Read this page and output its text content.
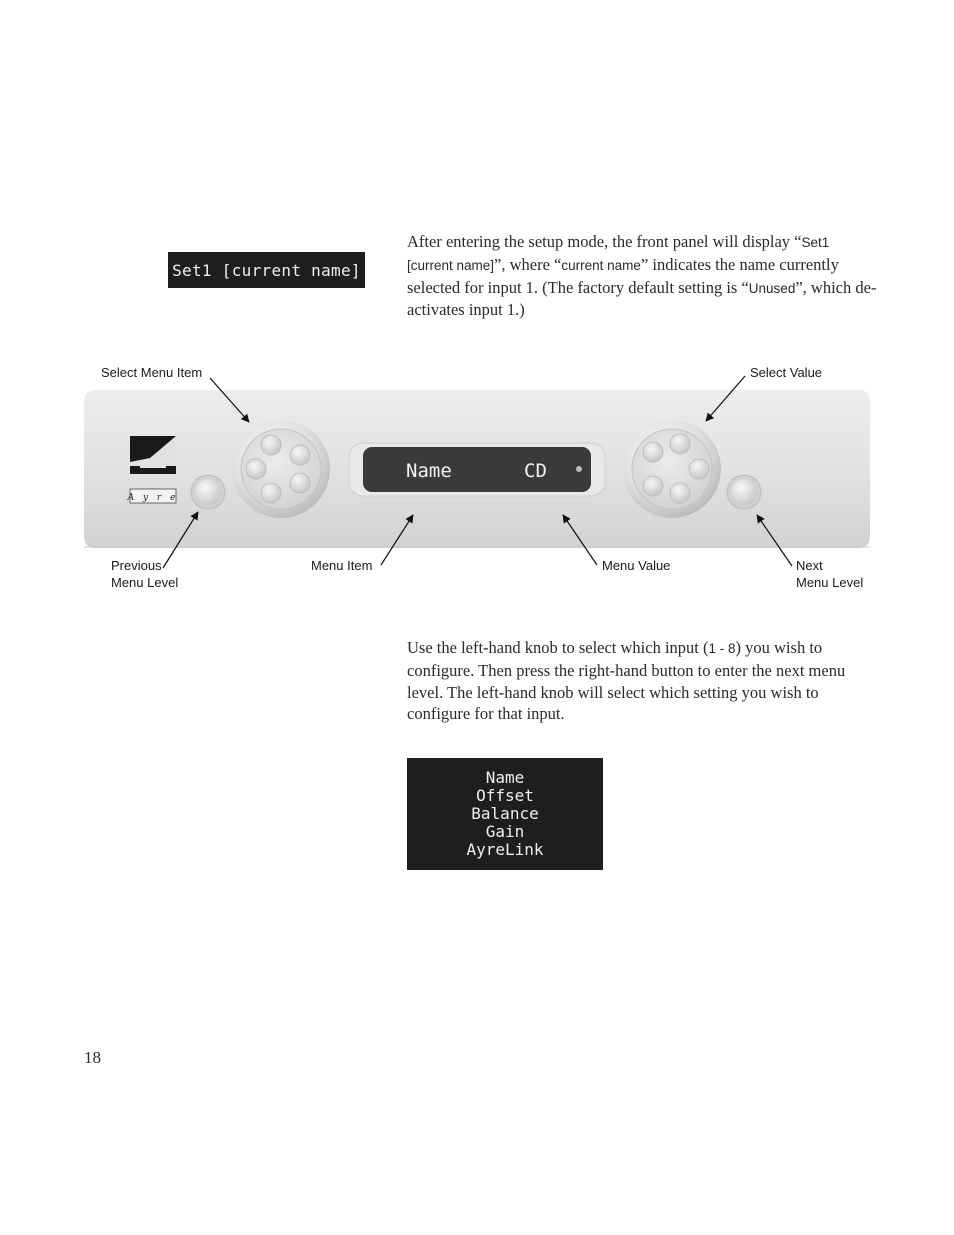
Set1 [current name]
After entering the setup mode, the front panel will display “Set1 [current name]”, where “current name” indicates the name currently selected for input 1. (The factory default setting is “Unused”, which de-activates input 1.)
A y r e
Name	CD
Select Menu Item	Select Value
Previous
Menu Level
Menu Item	Menu Value	Next
Menu Level
Use the left-hand knob to select which input (1 - 8) you wish to configure. Then press the right-hand button to enter the next menu level. The left-hand knob will select which setting you wish to configure for that input.
Name
Offset
Balance
Gain
AyreLink
18
